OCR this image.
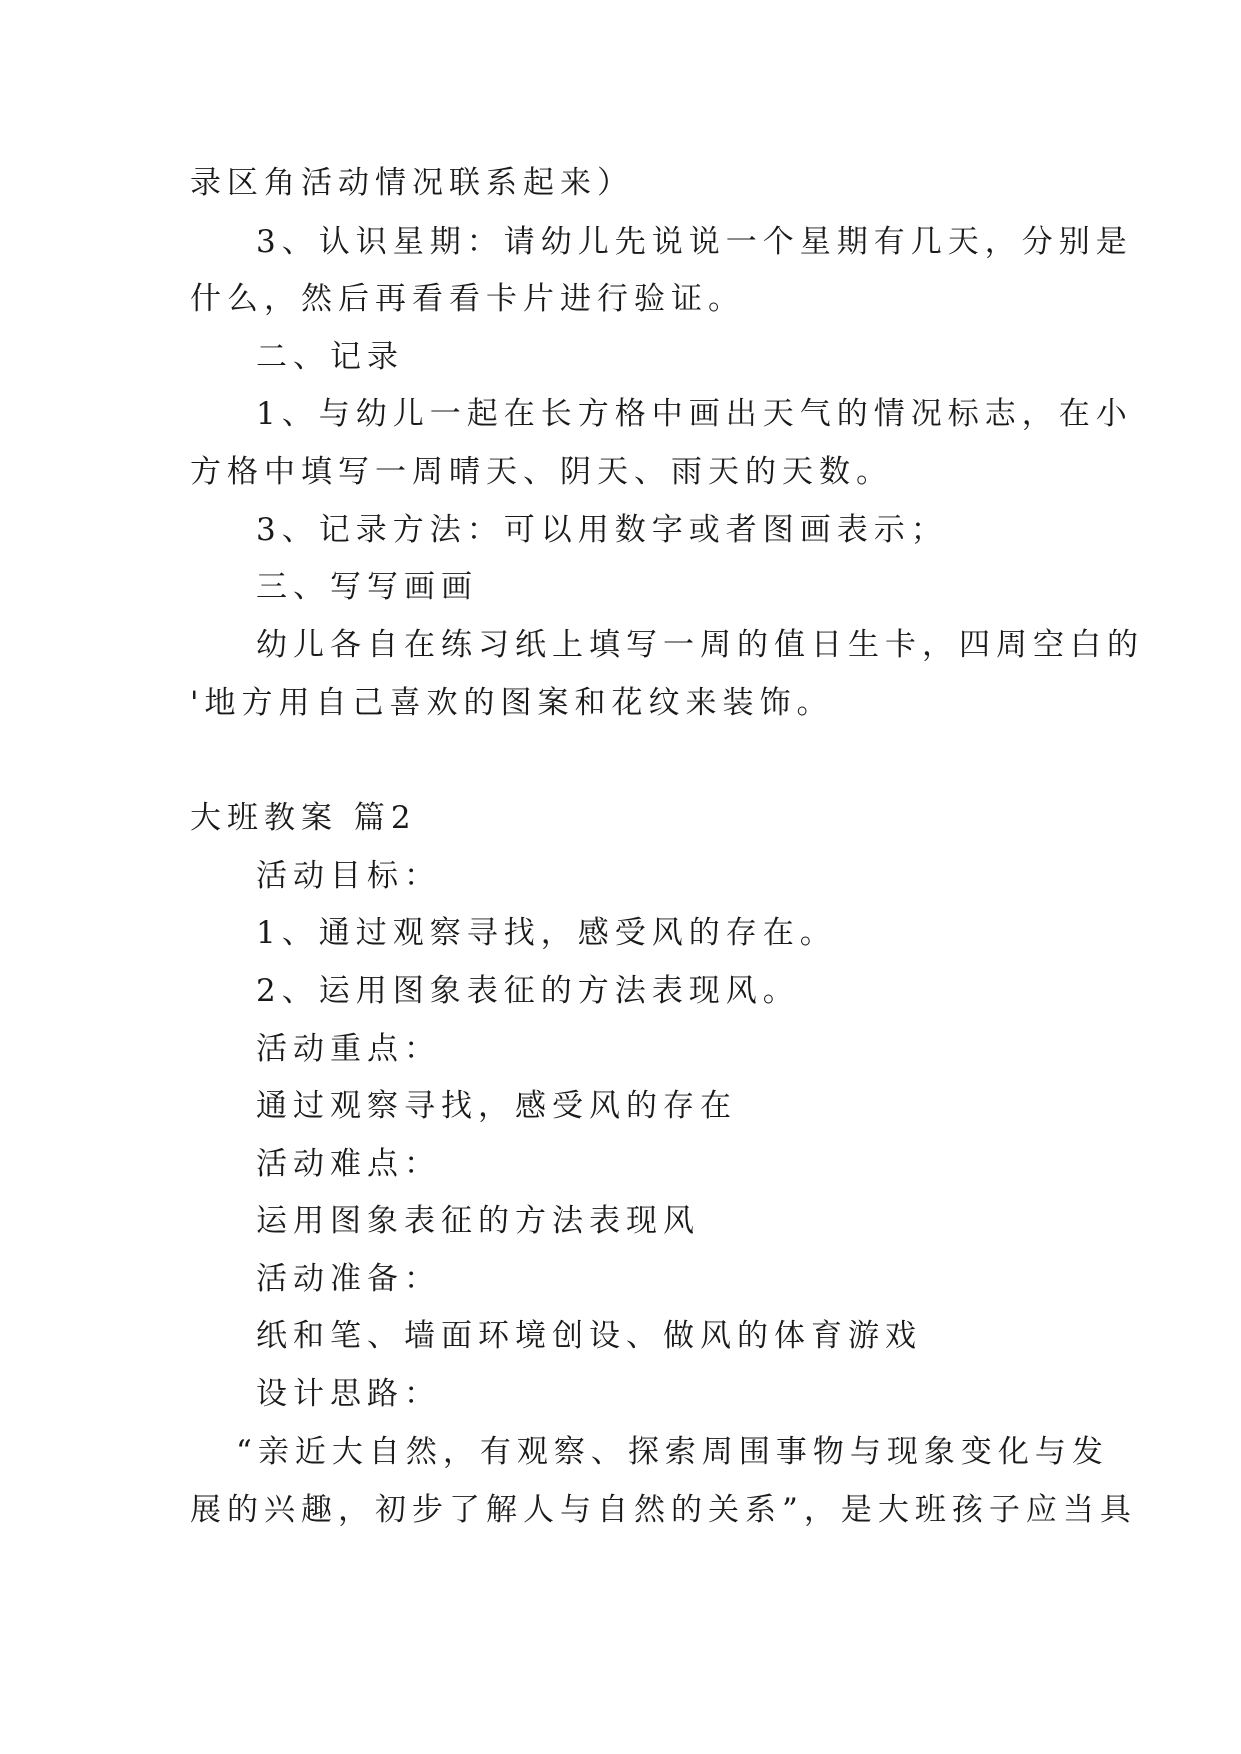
录区角活动情况联系起来）
3、认识星期：请幼儿先说说一个星期有几天，分别是
什么，然后再看看卡片进行验证。
二、记录
1、与幼儿一起在长方格中画出天气的情况标志，在小
方格中填写一周晴天、阴天、雨天的天数。
3、记录方法：可以用数字或者图画表示；
三、写写画画
幼儿各自在练习纸上填写一周的值日生卡，四周空白的
'地方用自己喜欢的图案和花纹来装饰。
大班教案 篇2
活动目标：
1、通过观察寻找，感受风的存在。
2、运用图象表征的方法表现风。
活动重点：
通过观察寻找，感受风的存在
活动难点：
运用图象表征的方法表现风
活动准备：
纸和笔、墙面环境创设、做风的体育游戏
设计思路：
“亲近大自然，有观察、探索周围事物与现象变化与发
展的兴趣，初步了解人与自然的关系”，是大班孩子应当具
